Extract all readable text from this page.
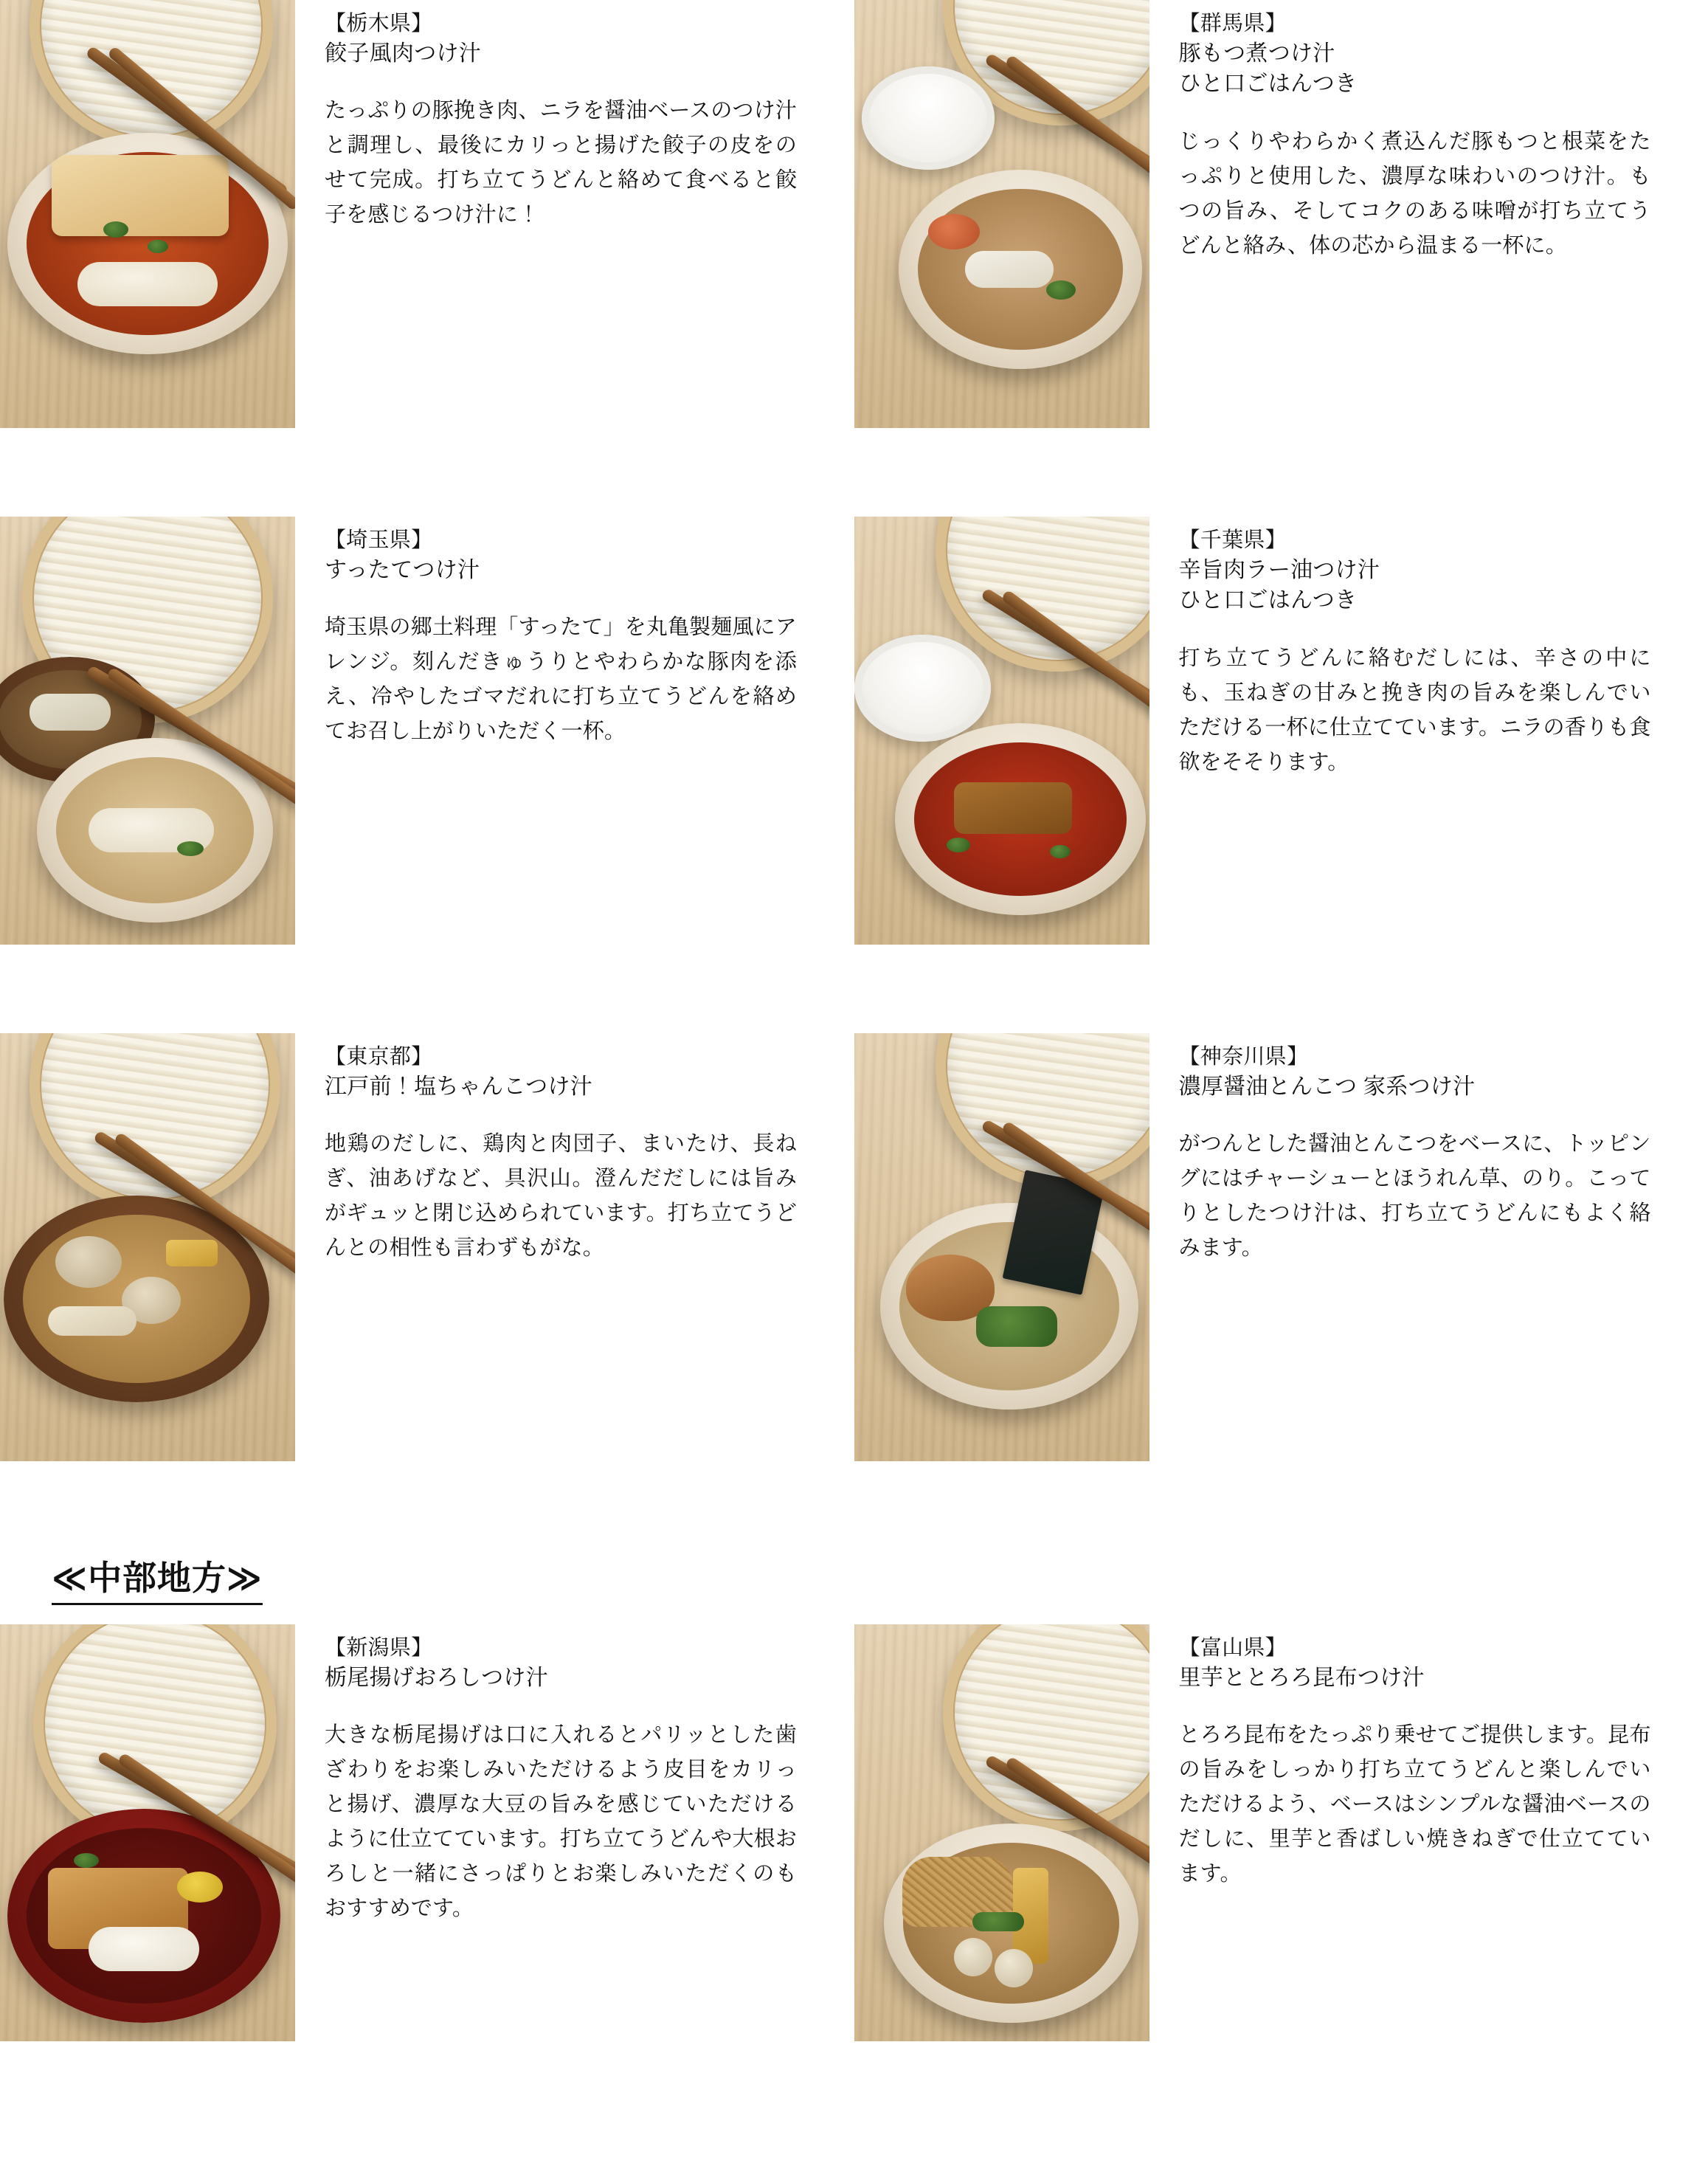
【栃木県】

餃子風肉つけ汁

たっぷりの豚挽き肉、ニラを醤油ベースのつけ汁と調理し、最後にカリっと揚げた餃子の皮をのせて完成。打ち立てうどんと絡めて食べると餃子を感じるつけ汁に！

【群馬県】

豚もつ煮つけ汁

ひと口ごはんつき

じっくりやわらかく煮込んだ豚もつと根菜をたっぷりと使用した、濃厚な味わいのつけ汁。もつの旨み、そしてコクのある味噌が打ち立てうどんと絡み、体の芯から温まる一杯に。

【埼玉県】

すったてつけ汁

埼玉県の郷土料理「すったて」を丸亀製麺風にアレンジ。刻んだきゅうりとやわらかな豚肉を添え、冷やしたゴマだれに打ち立てうどんを絡めてお召し上がりいただく一杯。

【千葉県】

辛旨肉ラー油つけ汁

ひと口ごはんつき

打ち立てうどんに絡むだしには、辛さの中にも、玉ねぎの甘みと挽き肉の旨みを楽しんでいただける一杯に仕立てています。ニラの香りも食欲をそそります。

【東京都】

江戸前！塩ちゃんこつけ汁

地鶏のだしに、鶏肉と肉団子、まいたけ、長ねぎ、油あげなど、具沢山。澄んだだしには旨みがギュッと閉じ込められています。打ち立てうどんとの相性も言わずもがな。

【神奈川県】

濃厚醤油とんこつ 家系つけ汁

がつんとした醤油とんこつをベースに、トッピングにはチャーシューとほうれん草、のり。こってりとしたつけ汁は、打ち立てうどんにもよく絡みます。

≪中部地方≫

【新潟県】

栃尾揚げおろしつけ汁

大きな栃尾揚げは口に入れるとパリッとした歯ざわりをお楽しみいただけるよう皮目をカリっと揚げ、濃厚な大豆の旨みを感じていただけるように仕立てています。打ち立てうどんや大根おろしと一緒にさっぱりとお楽しみいただくのもおすすめです。

【富山県】

里芋ととろろ昆布つけ汁

とろろ昆布をたっぷり乗せてご提供します。昆布の旨みをしっかり打ち立てうどんと楽しんでいただけるよう、ベースはシンプルな醤油ベースのだしに、里芋と香ばしい焼きねぎで仕立てています。
